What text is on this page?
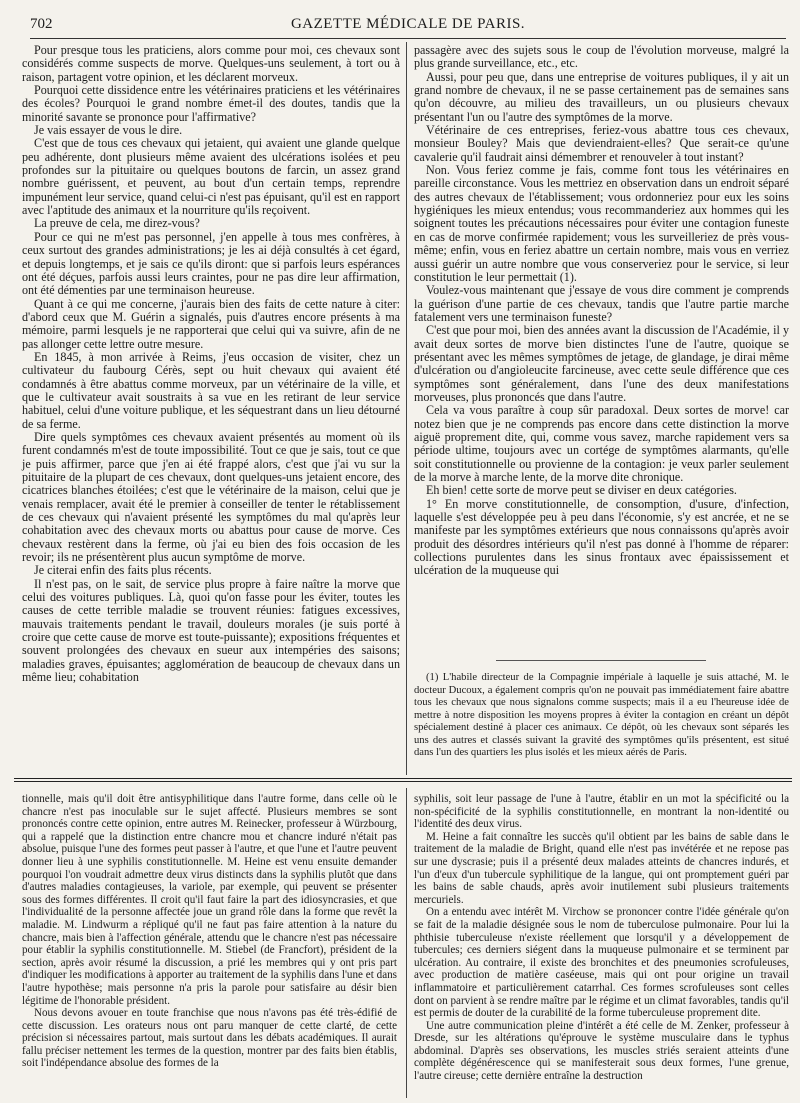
702	GAZETTE MÉDICALE DE PARIS.

Pour presque tous les praticiens, alors comme pour moi, ces chevaux sont considérés comme suspects de morve. Quelques-uns seulement, à tort ou à raison, partagent votre opinion, et les déclarent morveux.

Pourquoi cette dissidence entre les vétérinaires praticiens et les vétérinaires des écoles? Pourquoi le grand nombre émet-il des doutes, tandis que la minorité savante se prononce pour l'affirmative?

Je vais essayer de vous le dire.

C'est que de tous ces chevaux qui jetaient, qui avaient une glande quelque peu adhérente, dont plusieurs même avaient des ulcérations isolées et peu profondes sur la pituitaire ou quelques boutons de farcin, un assez grand nombre guérissent, et peuvent, au bout d'un certain temps, reprendre impunément leur service, quand celui-ci n'est pas épuisant, qu'il est en rapport avec l'aptitude des animaux et la nourriture qu'ils reçoivent.

La preuve de cela, me direz-vous?

Pour ce qui ne m'est pas personnel, j'en appelle à tous mes confrères, à ceux surtout des grandes administrations; je les ai déjà consultés à cet égard, et depuis longtemps, et je sais ce qu'ils diront: que si parfois leurs espérances ont été déçues, parfois aussi leurs craintes, pour ne pas dire leur affirmation, ont été démenties par une terminaison heureuse.

Quant à ce qui me concerne, j'aurais bien des faits de cette nature à citer: d'abord ceux que M. Guérin a signalés, puis d'autres encore présents à ma mémoire, parmi lesquels je ne rapporterai que celui qui va suivre, afin de ne pas allonger cette lettre outre mesure.

En 1845, à mon arrivée à Reims, j'eus occasion de visiter, chez un cultivateur du faubourg Cérès, sept ou huit chevaux qui avaient été condamnés à être abattus comme morveux, par un vétérinaire de la ville, et que le cultivateur avait soustraits à sa vue en les retirant de leur service habituel, celui d'une voiture publique, et les séquestrant dans un lieu détourné de sa ferme.

Dire quels symptômes ces chevaux avaient présentés au moment où ils furent condamnés m'est de toute impossibilité. Tout ce que je sais, tout ce que je puis affirmer, parce que j'en ai été frappé alors, c'est que j'ai vu sur la pituitaire de la plupart de ces chevaux, dont quelques-uns jetaient encore, des cicatrices blanches étoilées; c'est que le vétérinaire de la maison, celui que je venais remplacer, avait été le premier à conseiller de tenter le rétablissement de ces chevaux qui n'avaient présenté les symptômes du mal qu'après leur cohabitation avec des chevaux morts ou abattus pour cause de morve. Ces chevaux restèrent dans la ferme, où j'ai eu bien des fois occasion de les revoir; ils ne présentèrent plus aucun symptôme de morve.

Je citerai enfin des faits plus récents.

Il n'est pas, on le sait, de service plus propre à faire naître la morve que celui des voitures publiques. Là, quoi qu'on fasse pour les éviter, toutes les causes de cette terrible maladie se trouvent réunies: fatigues excessives, mauvais traitements pendant le travail, douleurs morales (je suis porté à croire que cette cause de morve est toute-puissante); expositions fréquentes et souvent prolongées des chevaux en sueur aux intempéries des saisons; maladies graves, épuisantes; agglomération de beaucoup de chevaux dans un même lieu; cohabitation

passagère avec des sujets sous le coup de l'évolution morveuse, malgré la plus grande surveillance, etc., etc.

Aussi, pour peu que, dans une entreprise de voitures publiques, il y ait un grand nombre de chevaux, il ne se passe certainement pas de semaines sans qu'on découvre, au milieu des travailleurs, un ou plusieurs chevaux présentant l'un ou l'autre des symptômes de la morve.

Vétérinaire de ces entreprises, feriez-vous abattre tous ces chevaux, monsieur Bouley? Mais que deviendraient-elles? Que serait-ce qu'une cavalerie qu'il faudrait ainsi démembrer et renouveler à tout instant?

Non. Vous feriez comme je fais, comme font tous les vétérinaires en pareille circonstance. Vous les mettriez en observation dans un endroit séparé des autres chevaux de l'établissement; vous ordonneriez pour eux les soins hygiéniques les mieux entendus; vous recommanderiez aux hommes qui les soignent toutes les précautions nécessaires pour éviter une contagion funeste en cas de morve confirmée rapidement; vous les surveilleriez de près vous-même; enfin, vous en feriez abattre un certain nombre, mais vous en verriez aussi guérir un autre nombre que vous conserveriez pour le service, si leur constitution le leur permettait (1).

Voulez-vous maintenant que j'essaye de vous dire comment je comprends la guérison d'une partie de ces chevaux, tandis que l'autre partie marche fatalement vers une terminaison funeste?

C'est que pour moi, bien des années avant la discussion de l'Académie, il y avait deux sortes de morve bien distinctes l'une de l'autre, quoique se présentant avec les mêmes symptômes de jetage, de glandage, je dirai même d'ulcération ou d'angioleucite farcineuse, avec cette seule différence que ces symptômes sont généralement, dans l'une des deux manifestations morveuses, plus prononcés que dans l'autre.

Cela va vous paraître à coup sûr paradoxal. Deux sortes de morve! car notez bien que je ne comprends pas encore dans cette distinction la morve aiguë proprement dite, qui, comme vous savez, marche rapidement vers sa période ultime, toujours avec un cortége de symptômes alarmants, qu'elle soit constitutionnelle ou provienne de la contagion: je veux parler seulement de la morve à marche lente, de la morve dite chronique.

Eh bien! cette sorte de morve peut se diviser en deux catégories.

1° En morve constitutionnelle, de consomption, d'usure, d'infection, laquelle s'est développée peu à peu dans l'économie, s'y est ancrée, et ne se manifeste par les symptômes extérieurs que nous connaissons qu'après avoir produit des désordres intérieurs qu'il n'est pas donné à l'homme de réparer: collections purulentes dans les sinus frontaux avec épaississement et ulcération de la muqueuse qui

(1) L'habile directeur de la Compagnie impériale à laquelle je suis attaché, M. le docteur Ducoux, a également compris qu'on ne pouvait pas immédiatement faire abattre tous les chevaux que nous signalons comme suspects; mais il a eu l'heureuse idée de mettre à notre disposition les moyens propres à éviter la contagion en créant un dépôt spécialement destiné à placer ces animaux. Ce dépôt, où les chevaux sont séparés les uns des autres et classés suivant la gravité des symptômes qu'ils présentent, est situé dans l'un des quartiers les plus isolés et les mieux aérés de Paris.

tionnelle, mais qu'il doit être antisyphilitique dans l'autre forme, dans celle où le chancre n'est pas inoculable sur le sujet affecté. Plusieurs membres se sont prononcés contre cette opinion, entre autres M. Reinecker, professeur à Würzbourg, qui a rappelé que la distinction entre chancre mou et chancre induré n'était pas absolue, puisque l'une des formes peut passer à l'autre, et que l'une et l'autre peuvent donner lieu à une syphilis constitutionnelle. M. Heine est venu ensuite demander pourquoi l'on voudrait admettre deux virus distincts dans la syphilis plutôt que dans d'autres maladies contagieuses, la variole, par exemple, qui peuvent se présenter sous des formes différentes. Il croit qu'il faut faire la part des idiosyncrasies, et que l'individualité de la personne affectée joue un grand rôle dans la forme que revêt la maladie. M. Lindwurm a répliqué qu'il ne faut pas faire attention à la nature du chancre, mais bien à l'affection générale, attendu que le chancre n'est pas nécessaire pour établir la syphilis constitutionnelle. M. Stiebel (de Francfort), président de la section, après avoir résumé la discussion, a prié les membres qui y ont pris part d'indiquer les modifications à apporter au traitement de la syphilis dans l'une et dans l'autre hypothèse; mais personne n'a pris la parole pour satisfaire au désir bien légitime de l'honorable président.

Nous devons avouer en toute franchise que nous n'avons pas été très-édifié de cette discussion. Les orateurs nous ont paru manquer de cette clarté, de cette précision si nécessaires partout, mais surtout dans les débats académiques. Il aurait fallu préciser nettement les termes de la question, montrer par des faits bien établis, soit l'indépendance absolue des formes de la

syphilis, soit leur passage de l'une à l'autre, établir en un mot la spécificité ou la non-spécificité de la syphilis constitutionnelle, en montrant la non-identité ou l'identité des deux virus.

M. Heine a fait connaître les succès qu'il obtient par les bains de sable dans le traitement de la maladie de Bright, quand elle n'est pas invétérée et ne repose pas sur une dyscrasie; puis il a présenté deux malades atteints de chancres indurés, et l'un d'eux d'un tubercule syphilitique de la langue, qui ont promptement guéri par les bains de sable chauds, après avoir inutilement subi plusieurs traitements mercuriels.

On a entendu avec intérêt M. Virchow se prononcer contre l'idée générale qu'on se fait de la maladie désignée sous le nom de tuberculose pulmonaire. Pour lui la phthisie tuberculeuse n'existe réellement que lorsqu'il y a développement de tubercules; ces derniers siégent dans la muqueuse pulmonaire et se terminent par ulcération. Au contraire, il existe des bronchites et des pneumonies scrofuleuses, avec production de matière caséeuse, mais qui ont pour origine un travail inflammatoire et particulièrement catarrhal. Ces formes scrofuleuses sont celles dont on parvient à se rendre maître par le régime et un climat favorables, tandis qu'il est permis de douter de la curabilité de la forme tuberculeuse proprement dite.

Une autre communication pleine d'intérêt a été celle de M. Zenker, professeur à Dresde, sur les altérations qu'éprouve le système musculaire dans le typhus abdominal. D'après ses observations, les muscles striés seraient atteints d'une complète dégénérescence qui se manifesterait sous deux formes, l'une grenue, l'autre cireuse; cette dernière entraîne la destruction
